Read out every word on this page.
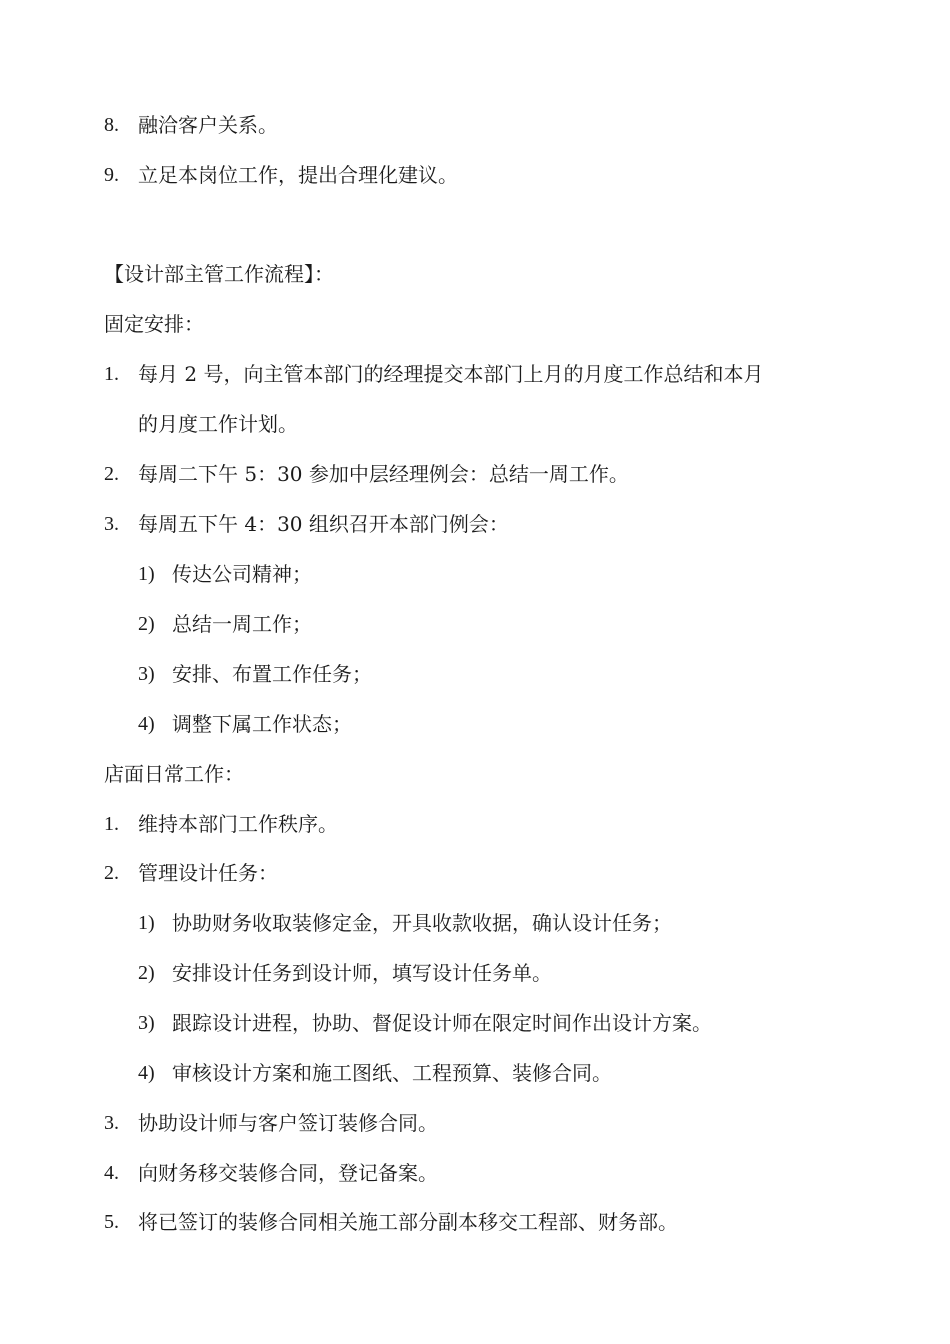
8. 融洽客户关系。
9. 立足本岗位工作，提出合理化建议。
【设计部主管工作流程】：
固定安排：
1. 每月 2 号，向主管本部门的经理提交本部门上月的月度工作总结和本月
的月度工作计划。
2. 每周二下午 5：30 参加中层经理例会：总结一周工作。
3. 每周五下午 4：30 组织召开本部门例会：
1) 传达公司精神；
2) 总结一周工作；
3) 安排、布置工作任务；
4) 调整下属工作状态；
店面日常工作：
1. 维持本部门工作秩序。
2. 管理设计任务：
1) 协助财务收取装修定金，开具收款收据，确认设计任务；
2) 安排设计任务到设计师，填写设计任务单。
3) 跟踪设计进程，协助、督促设计师在限定时间作出设计方案。
4) 审核设计方案和施工图纸、工程预算、装修合同。
3. 协助设计师与客户签订装修合同。
4. 向财务移交装修合同，登记备案。
5. 将已签订的装修合同相关施工部分副本移交工程部、财务部。
